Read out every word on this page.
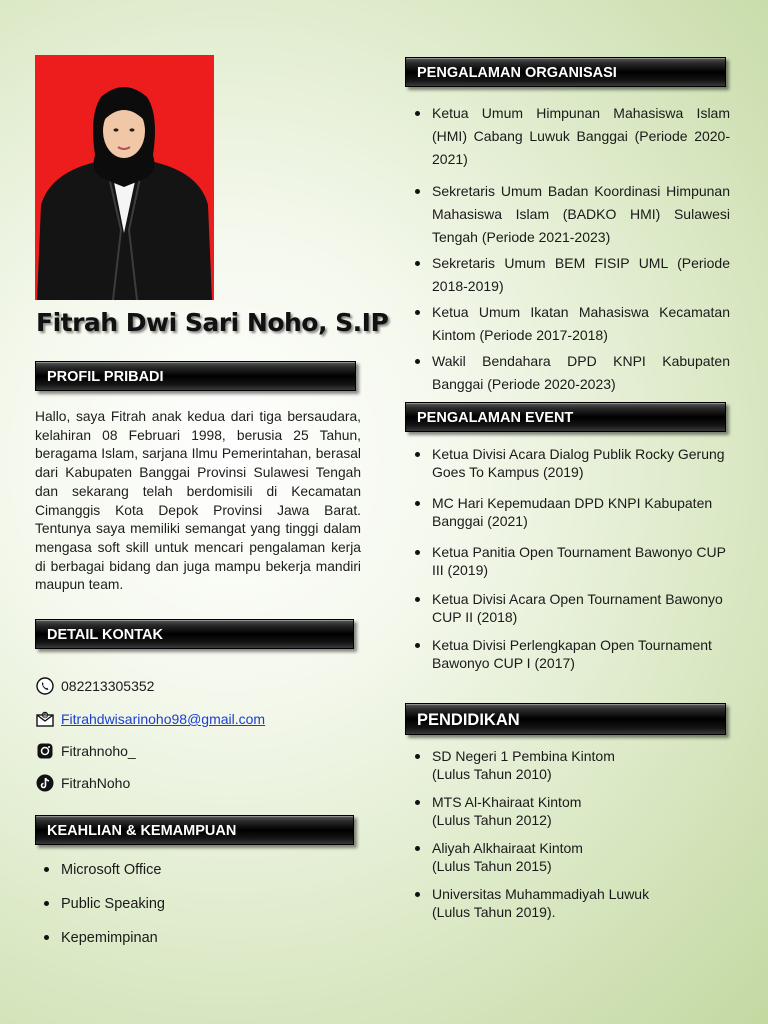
Fitrah Dwi Sari Noho, S.IP
PROFIL PRIBADI

Hallo, saya Fitrah anak kedua dari tiga bersaudara, kelahiran 08 Februari 1998, berusia 25 Tahun, beragama Islam, sarjana Ilmu Pemerintahan, berasal dari Kabupaten Banggai Provinsi Sulawesi Tengah dan sekarang telah berdomisili di Kecamatan Cimanggis Kota Depok Provinsi Jawa Barat. Tentunya saya memiliki semangat yang tinggi dalam mengasa soft skill untuk mencari pengalaman kerja di berbagai bidang dan juga mampu bekerja mandiri maupun team.

DETAIL KONTAK
082213305352
@ Fitrahdwisarinoho98@gmail.com
Fitrahnoho_
FitrahNoho
KEAHLIAN & KEMAMPUAN
Microsoft Office
Public Speaking
Kepemimpinan
PENGALAMAN ORGANISASI
Ketua Umum Himpunan Mahasiswa Islam (HMI) Cabang Luwuk Banggai (Periode 2020-2021)
Sekretaris Umum Badan Koordinasi Himpunan Mahasiswa Islam (BADKO HMI) Sulawesi Tengah (Periode 2021-2023)
Sekretaris Umum BEM FISIP UML (Periode 2018-2019)
Ketua Umum Ikatan Mahasiswa Kecamatan Kintom (Periode 2017-2018)
Wakil Bendahara DPD KNPI Kabupaten Banggai (Periode 2020-2023)
PENGALAMAN EVENT
Ketua Divisi Acara Dialog Publik Rocky Gerung Goes To Kampus (2019)
MC Hari Kepemudaan DPD KNPI Kabupaten Banggai (2021)
Ketua Panitia Open Tournament Bawonyo CUP III (2019)
Ketua Divisi Acara Open Tournament Bawonyo CUP II (2018)
Ketua Divisi Perlengkapan Open Tournament Bawonyo CUP I (2017)
PENDIDIKAN
SD Negeri 1 Pembina Kintom
(Lulus Tahun 2010)
MTS Al-Khairaat Kintom
(Lulus Tahun 2012)
Aliyah Alkhairaat Kintom
(Lulus Tahun 2015)
Universitas Muhammadiyah Luwuk
(Lulus Tahun 2019).
